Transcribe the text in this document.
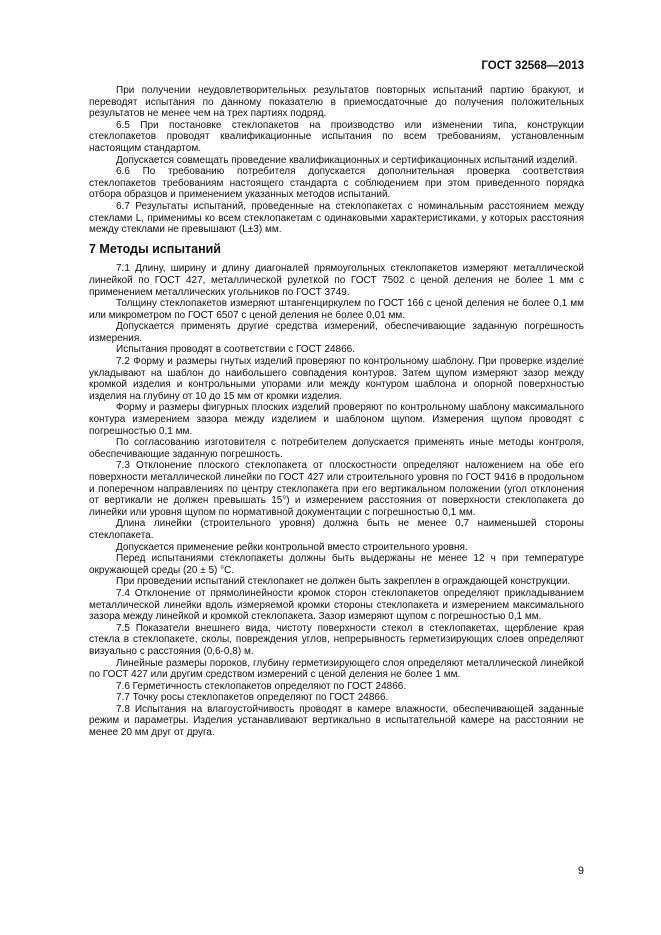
ГОСТ 32568—2013

При получении неудовлетворительных результатов повторных испытаний партию бракуют, и переводят испытания по данному показателю в приемосдаточные до получения положительных результатов не менее чем на трех партиях подряд.

6.5 При постановке стеклопакетов на производство или изменении типа, конструкции стеклопакетов проводят квалификационные испытания по всем требованиям, установленным настоящим стандартом.

Допускается совмещать проведение квалификационных и сертификационных испытаний изделий.

6.6 По требованию потребителя допускается дополнительная проверка соответствия стеклопакетов требованиям настоящего стандарта с соблюдением при этом приведенного порядка отбора образцов и применением указанных методов испытаний.

6.7 Результаты испытаний, проведенные на стеклопакетах с номинальным расстоянием между стеклами L, применимы ко всем стеклопакетам с одинаковыми характеристиками, у которых расстояния между стеклами не превышают (L±3) мм.

7 Методы испытаний

7.1 Длину, ширину и длину диагоналей прямоугольных стеклопакетов измеряют металлической линейкой по ГОСТ 427, металлической рулеткой по ГОСТ 7502 с ценой деления не более 1 мм с применением металлических угольников по ГОСТ 3749.

Толщину стеклопакетов измеряют штангенциркулем по ГОСТ 166 с ценой деления не более 0,1 мм или микрометром по ГОСТ 6507 с ценой деления не более 0,01 мм.

Допускается применять другие средства измерений, обеспечивающие заданную погрешность измерения.

Испытания проводят в соответствии с ГОСТ 24866.

7.2 Форму и размеры гнутых изделий проверяют по контрольному шаблону. При проверке изделие укладывают на шаблон до наибольшего совпадения контуров. Затем щупом измеряют зазор между кромкой изделия и контрольными упорами или между контуром шаблона и опорной поверхностью изделия на глубину от 10 до 15 мм от кромки изделия.

Форму и размеры фигурных плоских изделий проверяют по контрольному шаблону максимального контура измерением зазора между изделием и шаблоном щупом. Измерения щупом проводят с погрешностью 0,1 мм.

По согласованию изготовителя с потребителем допускается применять иные методы контроля, обеспечивающие заданную погрешность.

7.3 Отклонение плоского стеклопакета от плоскостности определяют наложением на обе его поверхности металлической линейки по ГОСТ 427 или строительного уровня по ГОСТ 9416 в продольном и поперечном направлениях по центру стеклопакета при его вертикальном положении (угол отклонения от вертикали не должен превышать 15°) и измерением расстояния от поверхности стеклопакета до линейки или уровня щупом по нормативной документации с погрешностью 0,1 мм.

Длина линейки (строительного уровня) должна быть не менее 0,7 наименьшей стороны стеклопакета.

Допускается применение рейки контрольной вместо строительного уровня.

Перед испытаниями стеклопакеты должны быть выдержаны не менее 12 ч при температуре окружающей среды (20 ± 5) °С.

При проведении испытаний стеклопакет не должен быть закреплен в ограждающей конструкции.

7.4 Отклонение от прямолинейности кромок сторон стеклопакетов определяют прикладыванием металлической линейки вдоль измеряемой кромки стороны стеклопакета и измерением максимального зазора между линейкой и кромкой стеклопакета. Зазор измеряют щупом с погрешностью 0,1 мм.

7.5 Показатели внешнего вида, чистоту поверхности стекол в стеклопакетах, щербление края стекла в стеклопакете, сколы, повреждения углов, непрерывность герметизирующих слоев определяют визуально с расстояния (0,6-0,8) м.

Линейные размеры пороков, глубину герметизирующего слоя определяют металлической линейкой по ГОСТ 427 или другим средством измерений с ценой деления не более 1 мм.

7.6 Герметичность стеклопакетов определяют по ГОСТ 24866.

7.7 Точку росы стеклопакетов определяют по ГОСТ 24866.

7.8 Испытания на влагоустойчивость проводят в камере влажности, обеспечивающей заданные режим и параметры. Изделия устанавливают вертикально в испытательной камере на расстоянии не менее 20 мм друг от друга.

9
